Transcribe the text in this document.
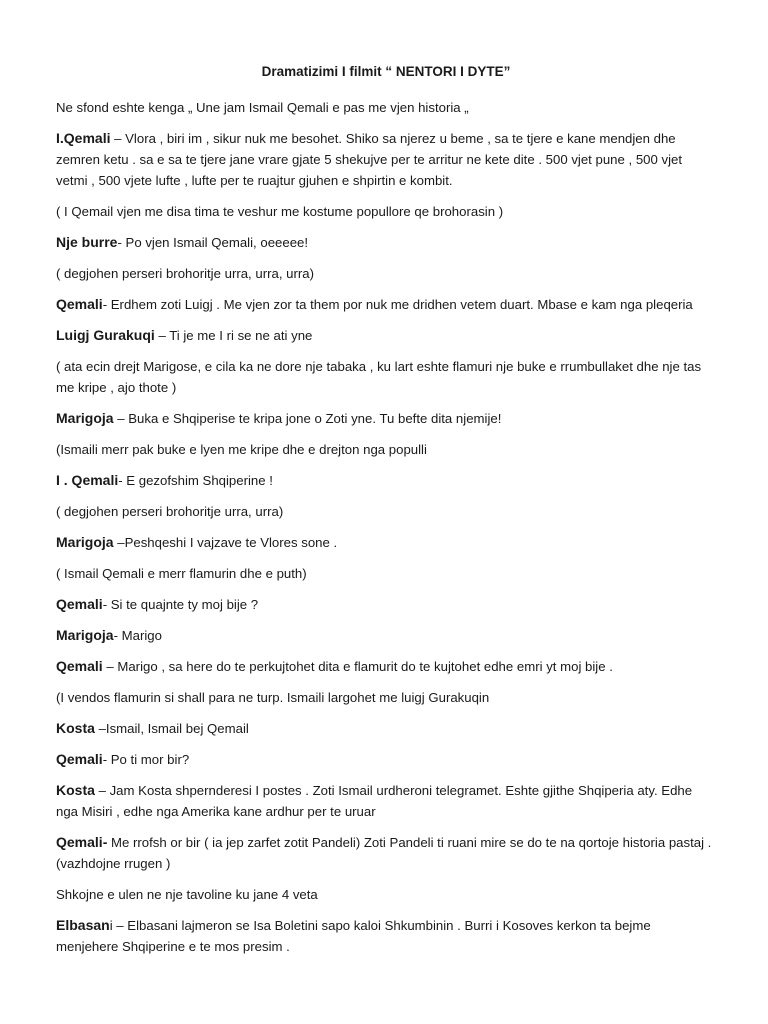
Dramatizimi I filmit “ NENTORI I DYTE”
Ne sfond eshte kenga „ Une jam Ismail Qemali e pas me vjen historia „
I.Qemali – Vlora , biri im , sikur nuk me besohet. Shiko sa njerez u beme , sa te tjere e kane mendjen dhe zemren ketu . sa e sa te tjere jane vrare gjate 5 shekujve per te arritur ne kete dite . 500 vjet pune , 500 vjet vetmi , 500 vjete lufte , lufte per te ruajtur gjuhen e shpirtin e kombit.
( I Qemail vjen me disa tima te veshur me kostume popullore qe brohorasin )
Nje burre- Po vjen Ismail Qemali, oeeeee!
( degjohen perseri brohoritje urra, urra, urra)
Qemali- Erdhem zoti Luigj . Me vjen zor ta them por nuk me dridhen vetem duart. Mbase e kam nga pleqeria
Luigj Gurakuqi – Ti je me I ri se ne ati yne
( ata ecin drejt Marigose, e cila ka ne dore nje tabaka , ku lart eshte flamuri nje buke e rrumbullaket dhe nje tas me kripe , ajo thote )
Marigoja – Buka e Shqiperise te kripa jone o Zoti yne. Tu befte dita njemije!
(Ismaili merr pak buke e lyen me kripe dhe e drejton nga populli
I . Qemali- E gezofshim Shqiperine !
( degjohen perseri brohoritje urra, urra)
Marigoja –Peshqeshi I vajzave te Vlores sone .
( Ismail Qemali e merr flamurin dhe e puth)
Qemali- Si te quajnte ty moj bije ?
Marigoja- Marigo
Qemali – Marigo , sa here do te perkujtohet dita e flamurit do te kujtohet edhe emri yt moj bije .
(I vendos flamurin si shall para ne turp. Ismaili largohet me luigj Gurakuqin
Kosta –Ismail, Ismail bej Qemail
Qemali- Po ti mor bir?
Kosta – Jam Kosta shpernderesi I postes . Zoti Ismail urdheroni telegramet. Eshte gjithe Shqiperia aty. Edhe nga Misiri , edhe nga Amerika kane ardhur per te uruar
Qemali- Me rrofsh or bir ( ia jep zarfet zotit Pandeli) Zoti Pandeli ti ruani mire se do te na qortoje historia pastaj . (vazhdojne rrugen )
Shkojne e ulen ne nje tavoline ku jane 4 veta
Elbasani – Elbasani lajmeron se Isa Boletini sapo kaloi Shkumbinin . Burri i Kosoves kerkon ta bejme menjehere Shqiperine e te mos presim .
